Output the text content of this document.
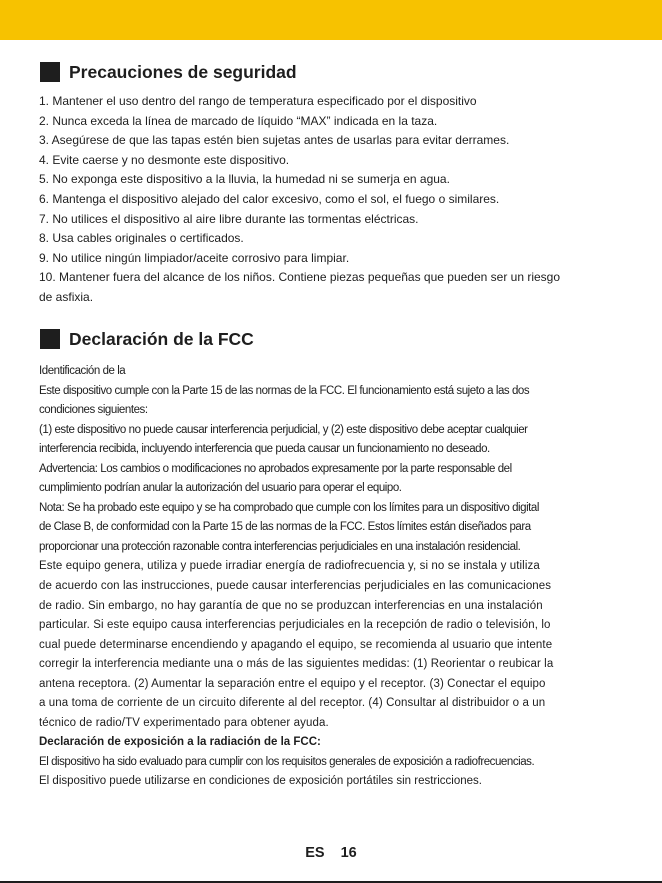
Precauciones de seguridad
1. Mantener el uso dentro del rango de temperatura especificado por el dispositivo
2. Nunca exceda la línea de marcado de líquido “MAX” indicada en la taza.
3. Asegúrese de que las tapas estén bien sujetas antes de usarlas para evitar derrames.
4. Evite caerse y no desmonte este dispositivo.
5. No exponga este dispositivo a la lluvia, la humedad ni se sumerja en agua.
6. Mantenga el dispositivo alejado del calor excesivo, como el sol, el fuego o similares.
7. No utilices el dispositivo al aire libre durante las tormentas eléctricas.
8. Usa cables originales o certificados.
9. No utilice ningún limpiador/aceite corrosivo para limpiar.
10. Mantener fuera del alcance de los niños. Contiene piezas pequeñas que pueden ser un riesgo
de asfixia.
Declaración de la FCC
Identificación de la
Este dispositivo cumple con la Parte 15 de las normas de la FCC. El funcionamiento está sujeto a las dos
condiciones siguientes:
(1) este dispositivo no puede causar interferencia perjudicial, y (2) este dispositivo debe aceptar cualquier
interferencia recibida, incluyendo interferencia que pueda causar un funcionamiento no deseado.
Advertencia: Los cambios o modificaciones no aprobados expresamente por la parte responsable del
cumplimiento podrían anular la autorización del usuario para operar el equipo.
Nota: Se ha probado este equipo y se ha comprobado que cumple con los límites para un dispositivo digital
de Clase B, de conformidad con la Parte 15 de las normas de la FCC. Estos límites están diseñados para
proporcionar una protección razonable contra interferencias perjudiciales en una instalación residencial.
Este equipo genera, utiliza y puede irradiar energía de radiofrecuencia y, si no se instala y utiliza
de acuerdo con las instrucciones, puede causar interferencias perjudiciales en las comunicaciones
de radio. Sin embargo, no hay garantía de que no se produzcan interferencias en una instalación
particular. Si este equipo causa interferencias perjudiciales en la recepción de radio o televisión, lo
cual puede determinarse encendiendo y apagando el equipo, se recomienda al usuario que intente
corregir la interferencia mediante una o más de las siguientes medidas: (1) Reorientar o reubicar la
antena receptora. (2) Aumentar la separación entre el equipo y el receptor. (3) Conectar el equipo
a una toma de corriente de un circuito diferente al del receptor. (4) Consultar al distribuidor o a un
técnico de radio/TV experimentado para obtener ayuda.
Declaración de exposición a la radiación de la FCC:
El dispositivo ha sido evaluado para cumplir con los requisitos generales de exposición a radiofrecuencias.
El dispositivo puede utilizarse en condiciones de exposición portátiles sin restricciones.
ES 16
